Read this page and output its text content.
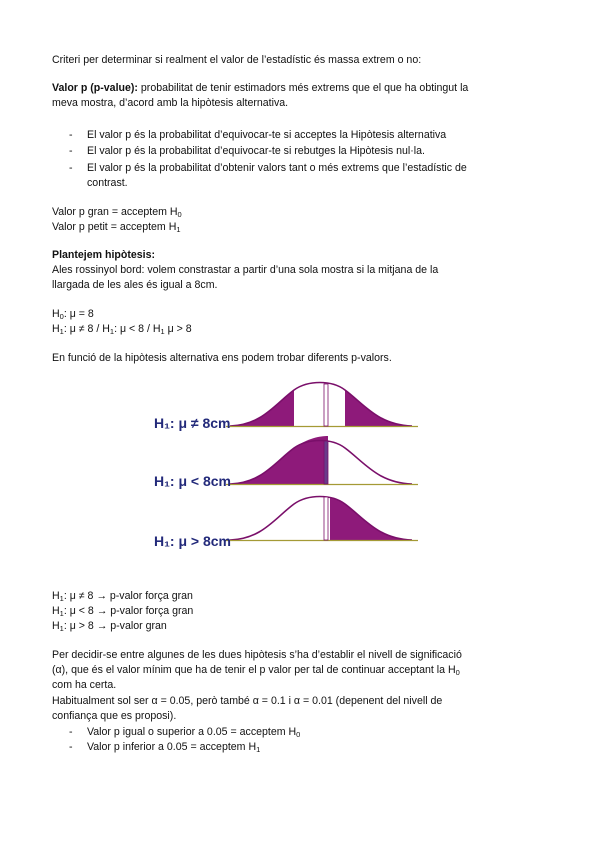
Criteri per determinar si realment el valor de l’estadístic és massa extrem o no:
Valor p (p-value): probabilitat de tenir estimadors més extrems que el que ha obtingut la
meva mostra, d’acord amb la hipòtesis alternativa.
- El valor p és la probabilitat d’equivocar-te si acceptes la Hipòtesis alternativa
- El valor p és la probabilitat d’equivocar-te si rebutges la Hipòtesis nul·la.
- El valor p és la probabilitat d’obtenir valors tant o més extrems que l’estadístic de
contrast.
Valor p gran = acceptem $H_0$
Valor p petit = acceptem $H_1$
Plantejem hipòtesis:
Ales rossinyol bord: volem constrastar a partir d’una sola mostra si la mitjana de la
llargada de les ales és igual a 8cm.
$H_0$: μ = 8
$H_1$: $\mu \ne 8 / H_1$: $\mu < 8 / H_1$ μ > 8
En funció de la hipòtesis alternativa ens podem trobar diferents p-valors.
H₁: μ ≠ 8cm
H₁: μ < 8cm
H₁: μ > 8cm
$H_1$: μ ≠ 8 → p-valor força gran
$H_1$: μ < 8 → p-valor força gran
$H_1$: μ > 8 → p-valor gran
Per decidir-se entre algunes de les dues hipòtesis s’ha d’establir el nivell de significació
(α), que és el valor mínim que ha de tenir el p valor per tal de continuar acceptant la $H_0$
com ha certa.
Habitualment sol ser α = 0.05, però també α = 0.1 i α = 0.01 (depenent del nivell de
confiança que es proposi).
- Valor p igual o superior a 0.05 = acceptem $H_0$
- Valor p inferior a 0.05 = acceptem $H_1$
